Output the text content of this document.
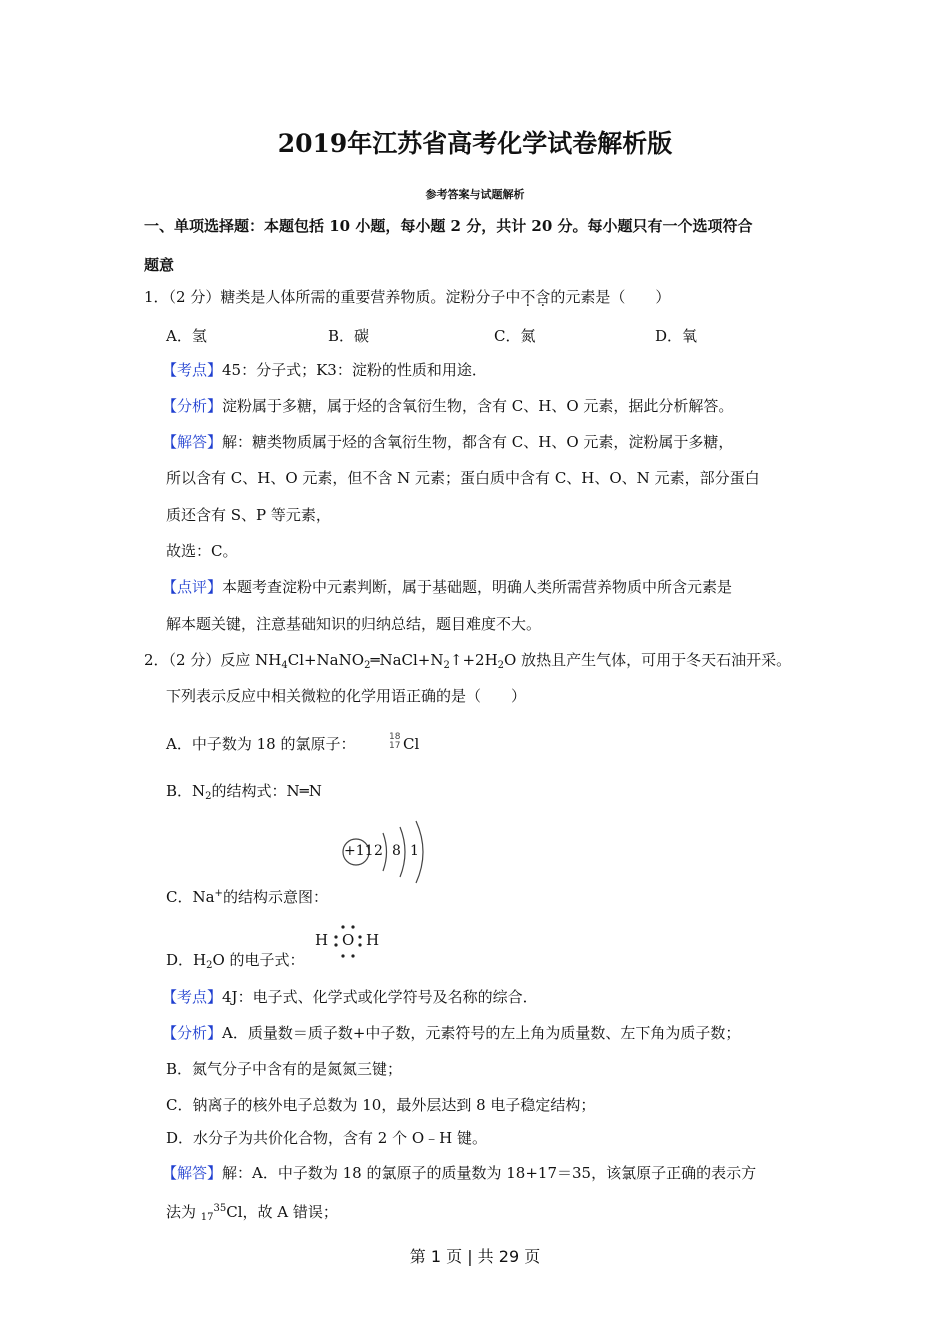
2019年江苏省高考化学试卷解析版
参考答案与试题解析
一、单项选择题：本题包括 10 小题，每小题 2 分，共计 20 分。每小题只有一个选项符合
题意
1．（2 分）糖类是人体所需的重要营养物质。淀粉分子中不含的元素是（　　）
A．氢	B．碳	C．氮	D．氧
【考点】45：分子式；K3：淀粉的性质和用途．
【分析】淀粉属于多糖，属于烃的含氧衍生物，含有 C、H、O 元素，据此分析解答。
【解答】解：糖类物质属于烃的含氧衍生物，都含有 C、H、O 元素，淀粉属于多糖，
所以含有 C、H、O 元素，但不含 N 元素；蛋白质中含有 C、H、O、N 元素，部分蛋白
质还含有 S、P 等元素，
故选：C。
【点评】本题考查淀粉中元素判断，属于基础题，明确人类所需营养物质中所含元素是
解本题关键，注意基础知识的归纳总结，题目难度不大。
2．（2 分）反应 $NH_4Cl+NaNO_2═NaCl+N_2↑+2H_2O$ 放热且产生气体，可用于冬天石油开采。
下列表示反应中相关微粒的化学用语正确的是（　　）
A．中子数为 18 的氯原子：	18
17 Cl
B．$N_2$的结构式：N═N
+11 2 8 1
C．Na+的结构示意图：
H O H
D．$H_2O$ 的电子式：
【考点】4J：电子式、化学式或化学符号及名称的综合．
【分析】A．质量数＝质子数+中子数，元素符号的左上角为质量数、左下角为质子数；
B．氮气分子中含有的是氮氮三键；
C．钠离子的核外电子总数为 10，最外层达到 8 电子稳定结构；
D．水分子为共价化合物，含有 2 个 O﹣H 键。
【解答】解：A．中子数为 18 的氯原子的质量数为 18+17＝35，该氯原子正确的表示方
法为 $_{17}^{35}$Cl，故 A 错误；
第 1 页 | 共 29 页
